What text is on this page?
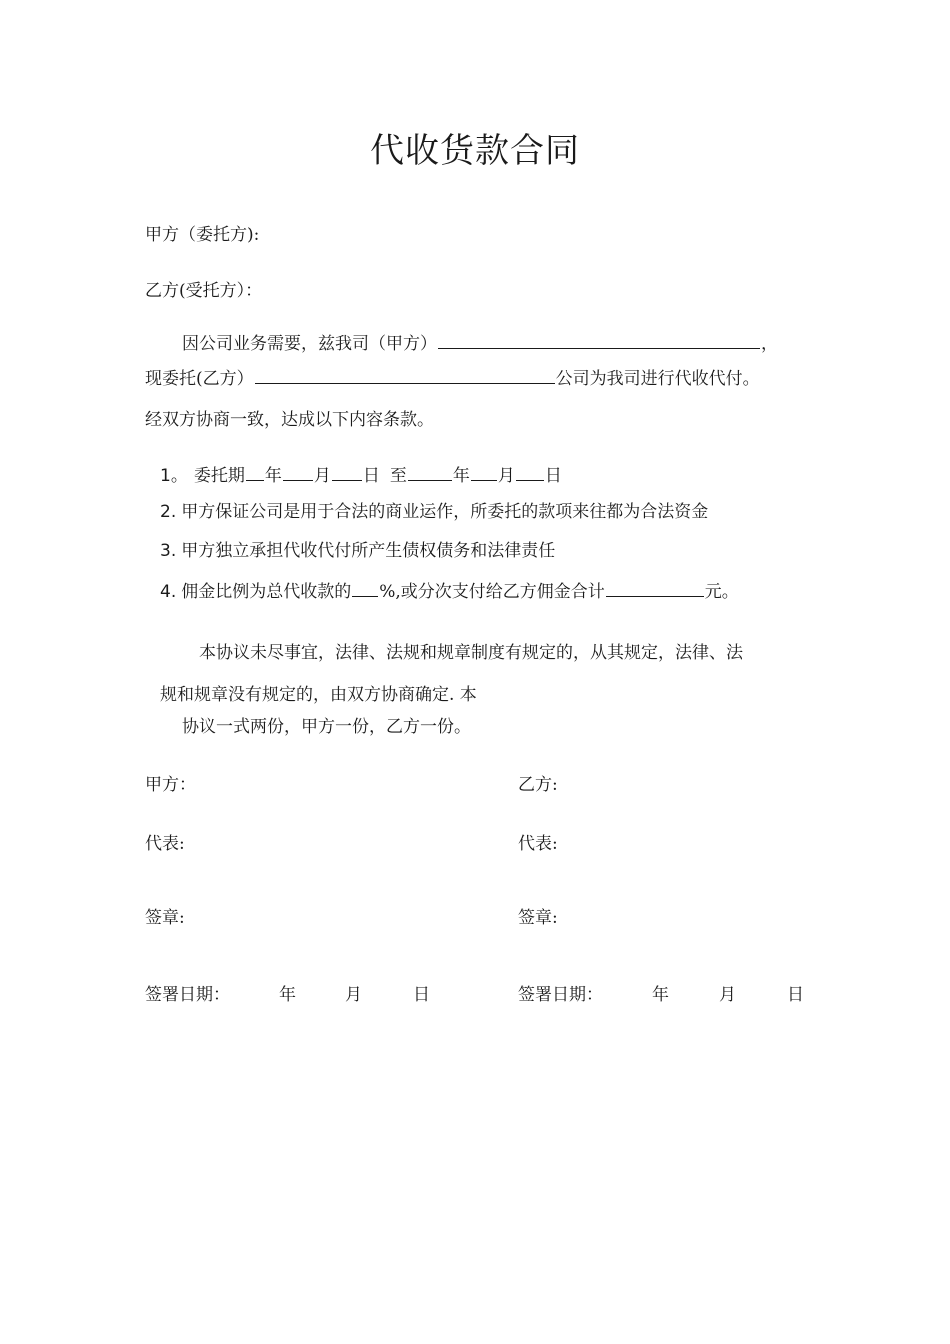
代收货款合同
甲方（委托方):
乙方(受托方）：
因公司业务需要，兹我司（甲方）	，
现委托(乙方）	公司为我司进行代收代付。
经双方协商一致，达成以下内容条款。
1。 委托期 年 月 日 至	年 月 日
2. 甲方保证公司是用于合法的商业运作，所委托的款项来往都为合法资金
3. 甲方独立承担代收代付所产生债权债务和法律责任
4. 佣金比例为总代收款的 %,或分次支付给乙方佣金合计	元。
本协议未尽事宜，法律、法规和规章制度有规定的，从其规定，法律、法
规和规章没有规定的，由双方协商确定. 本
协议一式两份，甲方一份，乙方一份。
甲方：
代表:
签章:
签署日期：	年	月	日
乙方:
代表:
签章:
签署日期：	年	月	日
